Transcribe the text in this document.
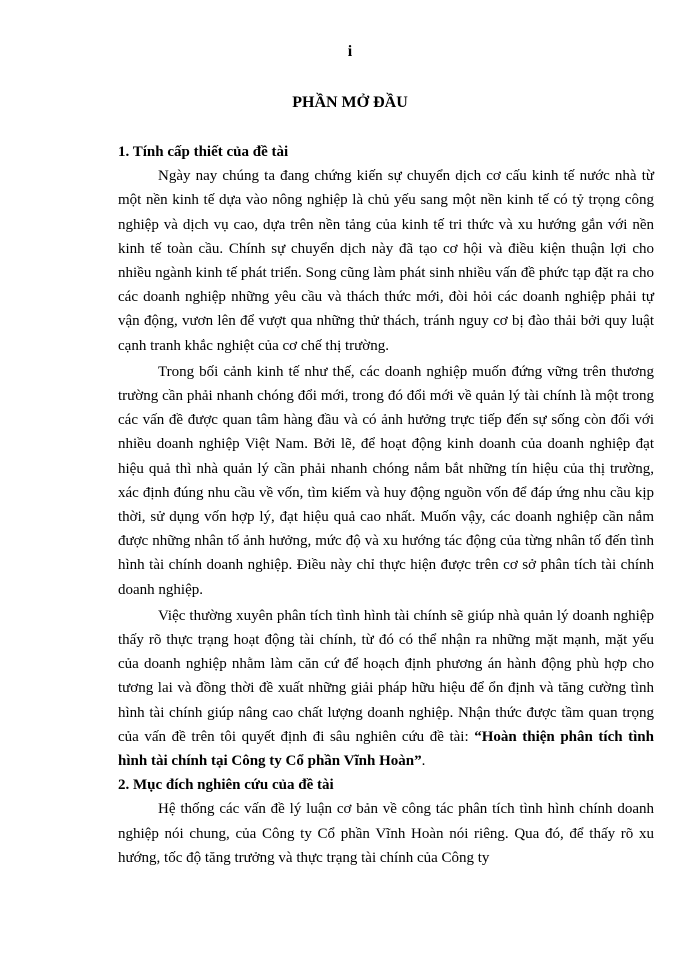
i
PHẦN MỞ ĐẦU
1. Tính cấp thiết của đề tài

Ngày nay chúng ta đang chứng kiến sự chuyển dịch cơ cấu kinh tế nước nhà từ một nền kinh tế dựa vào nông nghiệp là chủ yếu sang một nền kinh tế có tỷ trọng công nghiệp và dịch vụ cao, dựa trên nền tảng của kinh tế tri thức và xu hướng gắn với nền kinh tế toàn cầu. Chính sự chuyển dịch này đã tạo cơ hội và điều kiện thuận lợi cho nhiều ngành kinh tế phát triển. Song cũng làm phát sinh nhiều vấn đề phức tạp đặt ra cho các doanh nghiệp những yêu cầu và thách thức mới, đòi hỏi các doanh nghiệp phải tự vận động, vươn lên để vượt qua những thử thách, tránh nguy cơ bị đào thải bởi quy luật cạnh tranh khắc nghiệt của cơ chế thị trường.

Trong bối cảnh kinh tế như thế, các doanh nghiệp muốn đứng vững trên thương trường cần phải nhanh chóng đổi mới, trong đó đổi mới về quản lý tài chính là một trong các vấn đề được quan tâm hàng đầu và có ảnh hưởng trực tiếp đến sự sống còn đối với nhiều doanh nghiệp Việt Nam. Bởi lẽ, để hoạt động kinh doanh của doanh nghiệp đạt hiệu quả thì nhà quản lý cần phải nhanh chóng nắm bắt những tín hiệu của thị trường, xác định đúng nhu cầu về vốn, tìm kiếm và huy động nguồn vốn để đáp ứng nhu cầu kịp thời, sử dụng vốn hợp lý, đạt hiệu quả cao nhất. Muốn vậy, các doanh nghiệp cần nắm được những nhân tố ảnh hưởng, mức độ và xu hướng tác động của từng nhân tố đến tình hình tài chính doanh nghiệp. Điều này chỉ thực hiện được trên cơ sở phân tích tài chính doanh nghiệp.

Việc thường xuyên phân tích tình hình tài chính sẽ giúp nhà quản lý doanh nghiệp thấy rõ thực trạng hoạt động tài chính, từ đó có thể nhận ra những mặt mạnh, mặt yếu của doanh nghiệp nhằm làm căn cứ để hoạch định phương án hành động phù hợp cho tương lai và đồng thời đề xuất những giải pháp hữu hiệu để ổn định và tăng cường tình hình tài chính giúp nâng cao chất lượng doanh nghiệp. Nhận thức được tầm quan trọng của vấn đề trên tôi quyết định đi sâu nghiên cứu đề tài: “Hoàn thiện phân tích tình hình tài chính tại Công ty Cổ phần Vĩnh Hoàn”.

2. Mục đích nghiên cứu của đề tài

Hệ thống các vấn đề lý luận cơ bản về công tác phân tích tình hình chính doanh nghiệp nói chung, của Công ty Cổ phần Vĩnh Hoàn nói riêng. Qua đó, để thấy rõ xu hướng, tốc độ tăng trưởng và thực trạng tài chính của Công ty
